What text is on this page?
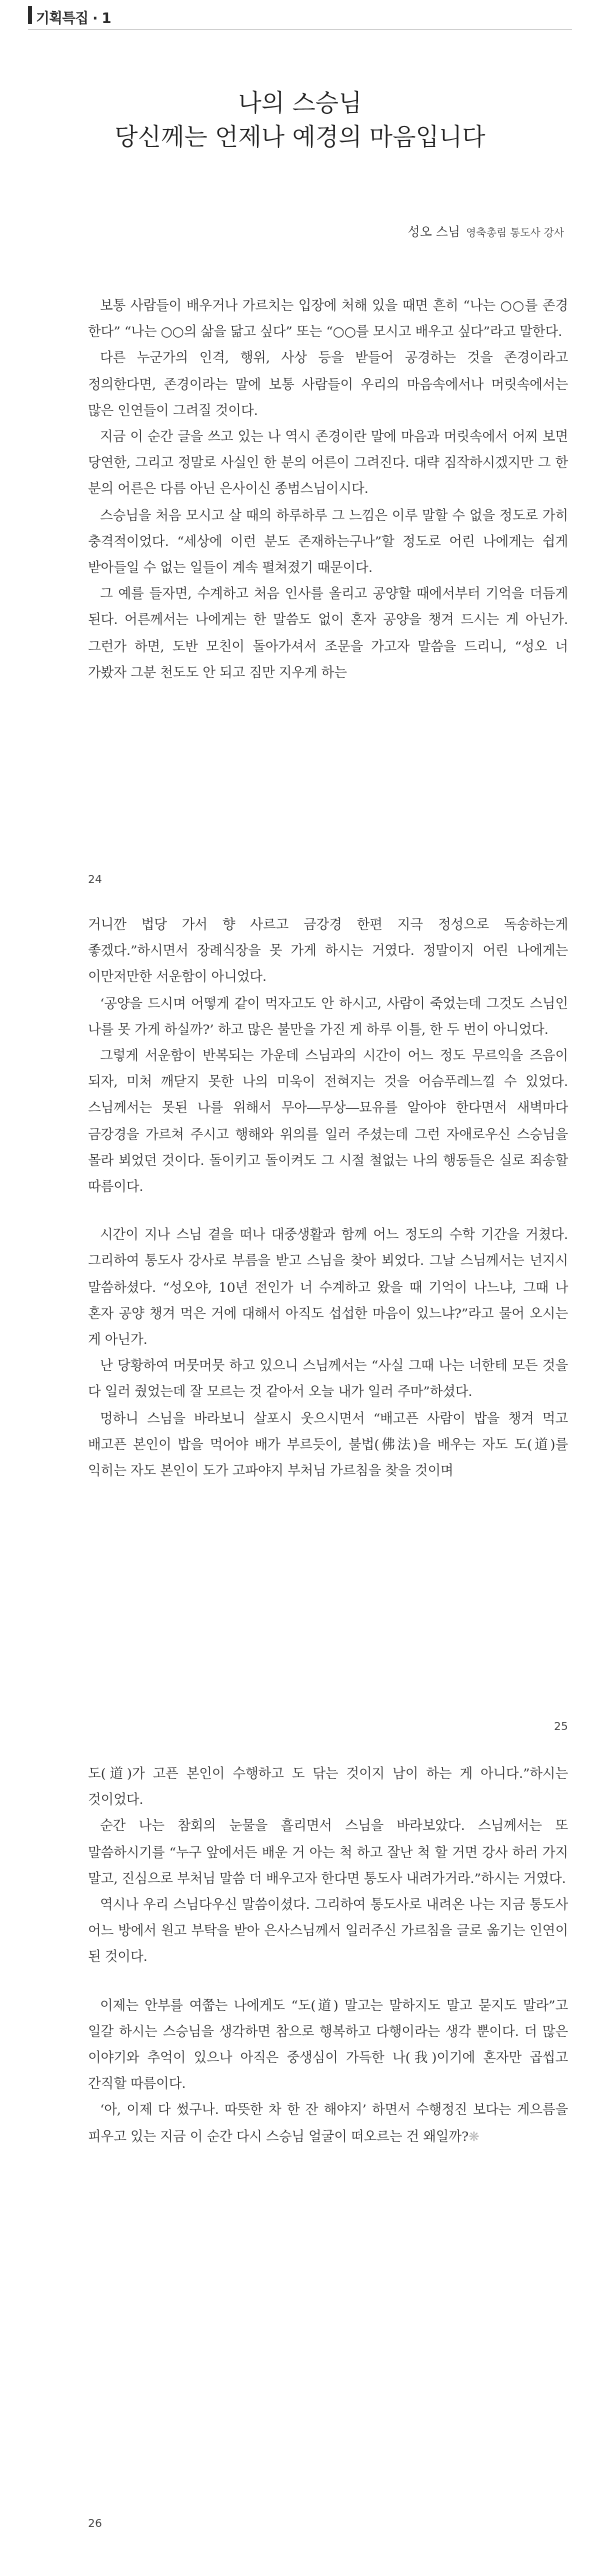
기획특집 · 1
나의 스승님
당신께는 언제나 예경의 마음입니다
성오 스님 영축총림 통도사 강사

보통 사람들이 배우거나 가르치는 입장에 처해 있을 때면 흔히 “나는 ○○를 존경 한다” “나는 ○○의 삶을 닮고 싶다” 또는 “○○를 모시고 배우고 싶다”라고 말한다.

다른 누군가의 인격, 행위, 사상 등을 받들어 공경하는 것을 존경이라고 정의한다면, 존경이라는 말에 보통 사람들이 우리의 마음속에서나 머릿속에서는 많은 인연들이 그려질 것이다.

지금 이 순간 글을 쓰고 있는 나 역시 존경이란 말에 마음과 머릿속에서 어찌 보면 당연한, 그리고 정말로 사실인 한 분의 어른이 그려진다. 대략 짐작하시겠지만 그 한 분의 어른은 다름 아닌 은사이신 종범스님이시다.

스승님을 처음 모시고 살 때의 하루하루 그 느낌은 이루 말할 수 없을 정도로 가히 충격적이었다. “세상에 이런 분도 존재하는구나”할 정도로 어린 나에게는 쉽게 받아들일 수 없는 일들이 계속 펼쳐졌기 때문이다.

그 예를 들자면, 수계하고 처음 인사를 올리고 공양할 때에서부터 기억을 더듬게 된다. 어른께서는 나에게는 한 말씀도 없이 혼자 공양을 챙겨 드시는 게 아닌가. 그런가 하면, 도반 모친이 돌아가셔서 조문을 가고자 말씀을 드리니, “성오 너 가봤자 그분 천도도 안 되고 짐만 지우게 하는

24

거니깐 법당 가서 향 사르고 금강경 한편 지극 정성으로 독송하는게 좋겠다.”하시면서 장례식장을 못 가게 하시는 거였다. 정말이지 어린 나에게는 이만저만한 서운함이 아니었다.

‘공양을 드시며 어떻게 같이 먹자고도 안 하시고, 사람이 죽었는데 그것도 스님인 나를 못 가게 하실까?’ 하고 많은 불만을 가진 게 하루 이틀, 한 두 번이 아니었다.

그렇게 서운함이 반복되는 가운데 스님과의 시간이 어느 정도 무르익을 즈음이 되자, 미처 깨닫지 못한 나의 미욱이 전혀지는 것을 어슴푸레느낄 수 있었다. 스님께서는 못된 나를 위해서 무아―무상―묘유를 알아야 한다면서 새벽마다 금강경을 가르쳐 주시고 행해와 위의를 일러 주셨는데 그런 자애로우신 스승님을 몰라 뵈었던 것이다. 돌이키고 돌이켜도 그 시절 철없는 나의 행동들은 실로 죄송할 따름이다.

시간이 지나 스님 곁을 떠나 대중생활과 함께 어느 정도의 수학 기간을 거쳤다. 그리하여 통도사 강사로 부름을 받고 스님을 찾아 뵈었다. 그날 스님께서는 넌지시 말씀하셨다. “성오야, 10년 전인가 너 수계하고 왔을 때 기억이 나느냐, 그때 나 혼자 공양 챙겨 먹은 거에 대해서 아직도 섭섭한 마음이 있느냐?”라고 물어 오시는 게 아닌가.

난 당황하여 머뭇머뭇 하고 있으니 스님께서는 “사실 그때 나는 너한테 모든 것을 다 일러 줬었는데 잘 모르는 것 같아서 오늘 내가 일러 주마”하셨다.

멍하니 스님을 바라보니 살포시 웃으시면서 “배고픈 사람이 밥을 챙겨 먹고 배고픈 본인이 밥을 먹어야 배가 부르듯이, 불법(佛法)을 배우는 자도 도(道)를 익히는 자도 본인이 도가 고파야지 부처님 가르침을 찾을 것이며

25

도(道)가 고픈 본인이 수행하고 도 닦는 것이지 남이 하는 게 아니다.”하시는 것이었다.

순간 나는 참회의 눈물을 흘리면서 스님을 바라보았다. 스님께서는 또 말씀하시기를 “누구 앞에서든 배운 거 아는 척 하고 잘난 척 할 거면 강사 하러 가지 말고, 진심으로 부처님 말씀 더 배우고자 한다면 통도사 내려가거라.”하시는 거였다.

역시나 우리 스님다우신 말씀이셨다. 그리하여 통도사로 내려온 나는 지금 통도사 어느 방에서 원고 부탁을 받아 은사스님께서 일러주신 가르침을 글로 옮기는 인연이 된 것이다.

이제는 안부를 여쭙는 나에게도 “도(道) 말고는 말하지도 말고 묻지도 말라”고 일갈 하시는 스승님을 생각하면 참으로 행복하고 다행이라는 생각 뿐이다. 더 많은 이야기와 추억이 있으나 아직은 중생심이 가득한 나(我)이기에 혼자만 곱씹고 간직할 따름이다.

‘아, 이제 다 썼구나. 따뜻한 차 한 잔 해야지’ 하면서 수행정진 보다는 게으름을 피우고 있는 지금 이 순간 다시 스승님 얼굴이 떠오르는 건 왜일까?❋

26
